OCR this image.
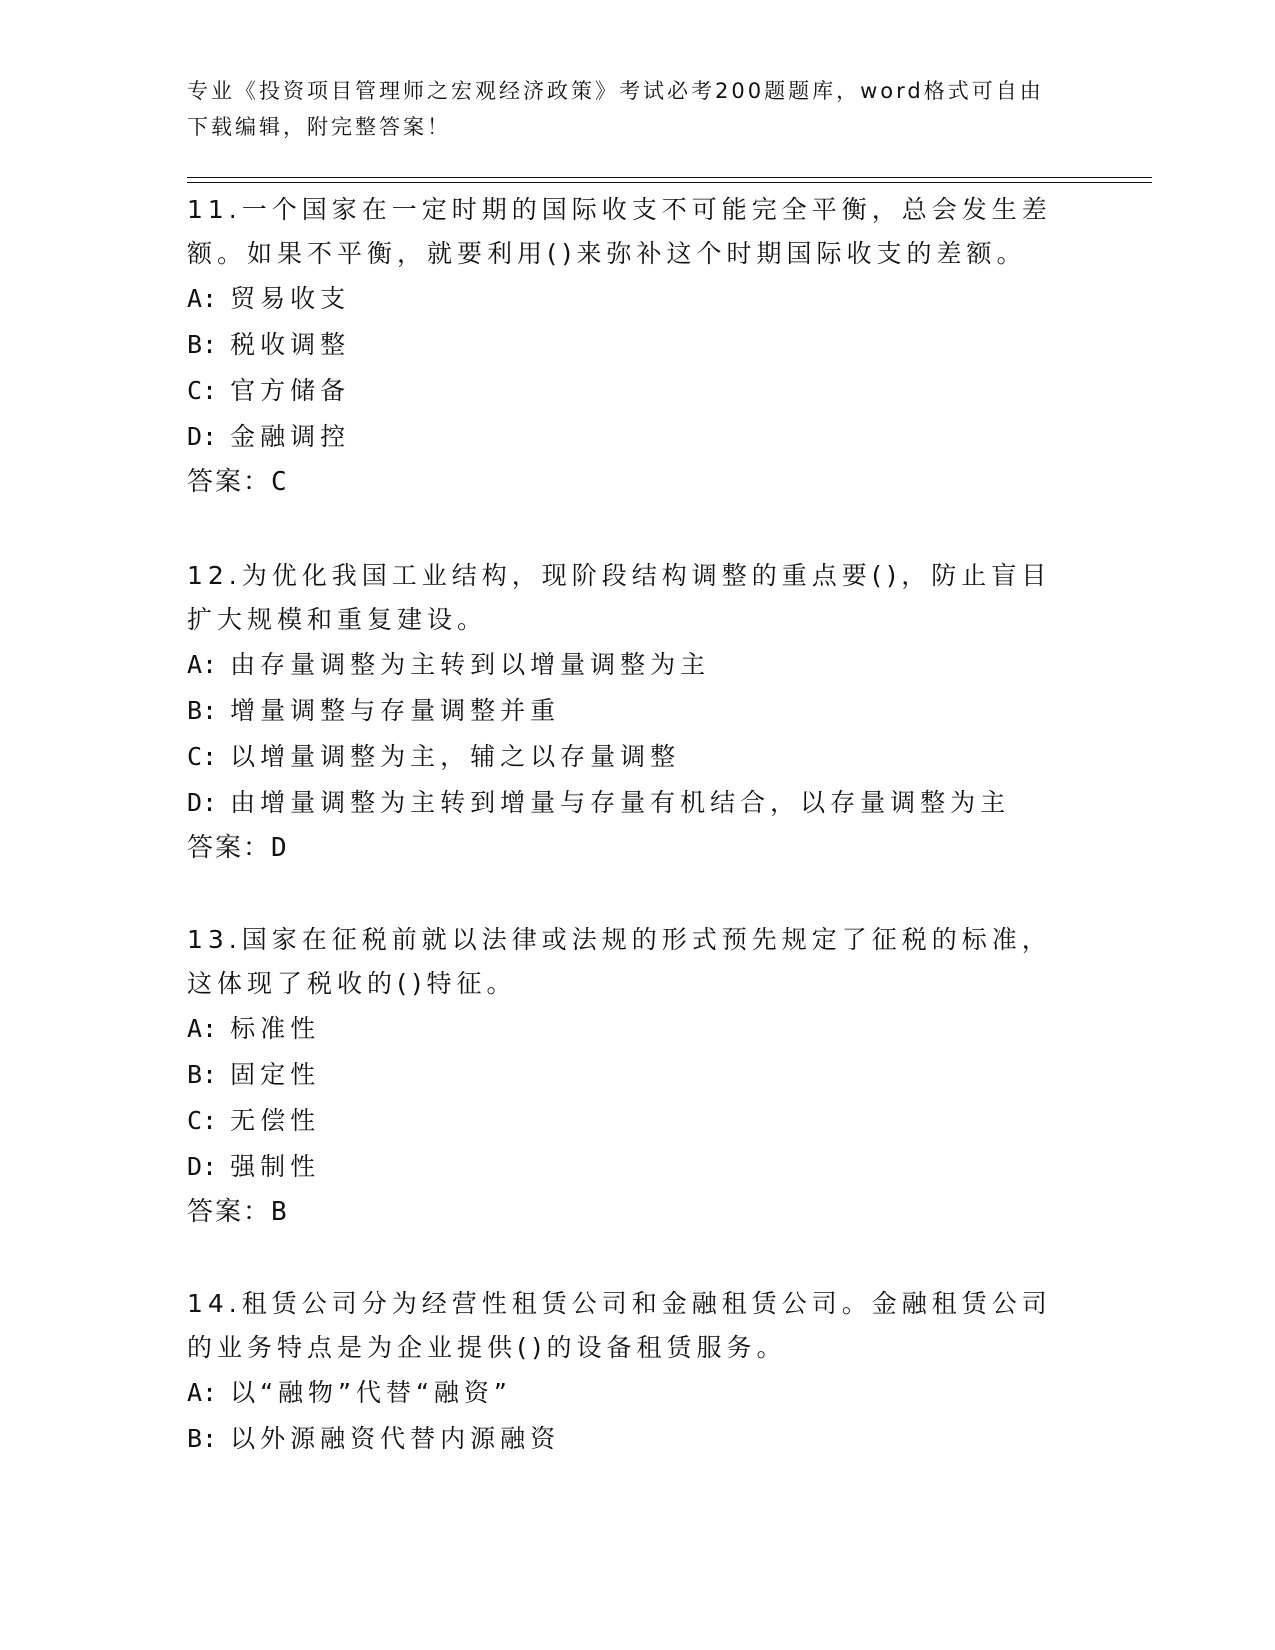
专业《投资项目管理师之宏观经济政策》考试必考200题题库，word格式可自由下载编辑，附完整答案！
11.一个国家在一定时期的国际收支不可能完全平衡，总会发生差额。如果不平衡，就要利用()来弥补这个时期国际收支的差额。
A: 贸易收支
B: 税收调整
C: 官方储备
D: 金融调控
答案：C
12.为优化我国工业结构，现阶段结构调整的重点要()，防止盲目扩大规模和重复建设。
A: 由存量调整为主转到以增量调整为主
B: 增量调整与存量调整并重
C: 以增量调整为主，辅之以存量调整
D: 由增量调整为主转到增量与存量有机结合，以存量调整为主
答案：D
13.国家在征税前就以法律或法规的形式预先规定了征税的标准，这体现了税收的()特征。
A: 标准性
B: 固定性
C: 无偿性
D: 强制性
答案：B
14.租赁公司分为经营性租赁公司和金融租赁公司。金融租赁公司的业务特点是为企业提供()的设备租赁服务。
A: 以“融物”代替“融资”
B: 以外源融资代替内源融资
